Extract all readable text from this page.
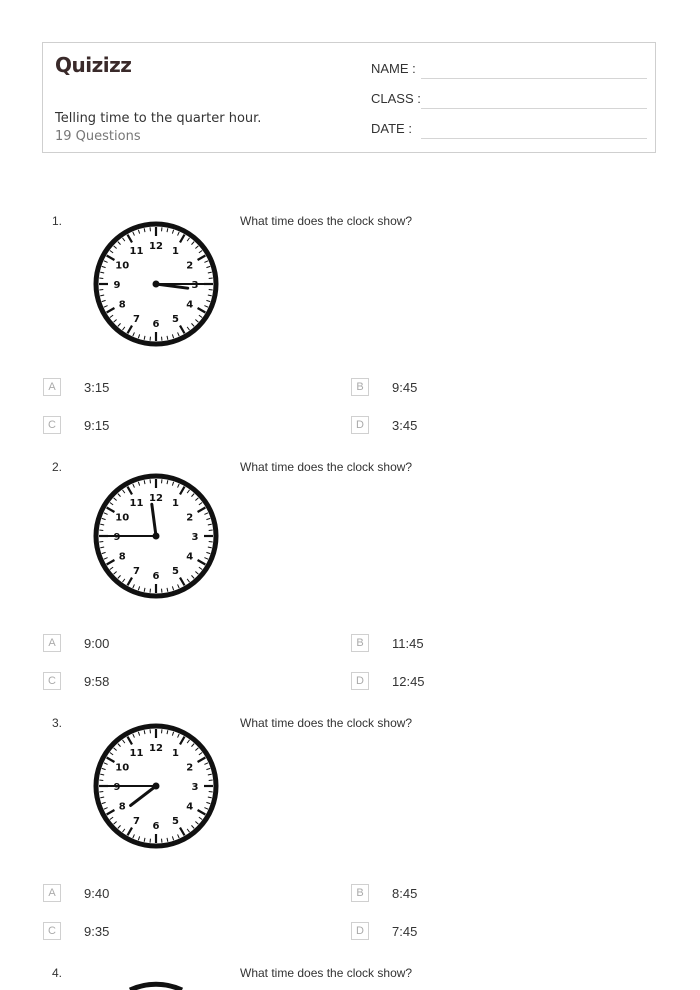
Quizizz
Telling time to the quarter hour.
19 Questions
NAME :
CLASS :
DATE :
1.	What time does the clock show?
1
2
3
4
5
6
7
8
9
10
11 12
A	3:15	B	9:45
C	9:15	D	3:45
2.	What time does the clock show?
1
2
3
4
5
6
7
8
9
10
11 12
A	9:00	B	11:45
C	9:58	D	12:45
3.	What time does the clock show?
1
2
3
4
5
6
7
8
9
10
11 12
A	9:40	B	8:45
C	9:35	D	7:45
4.	What time does the clock show?
